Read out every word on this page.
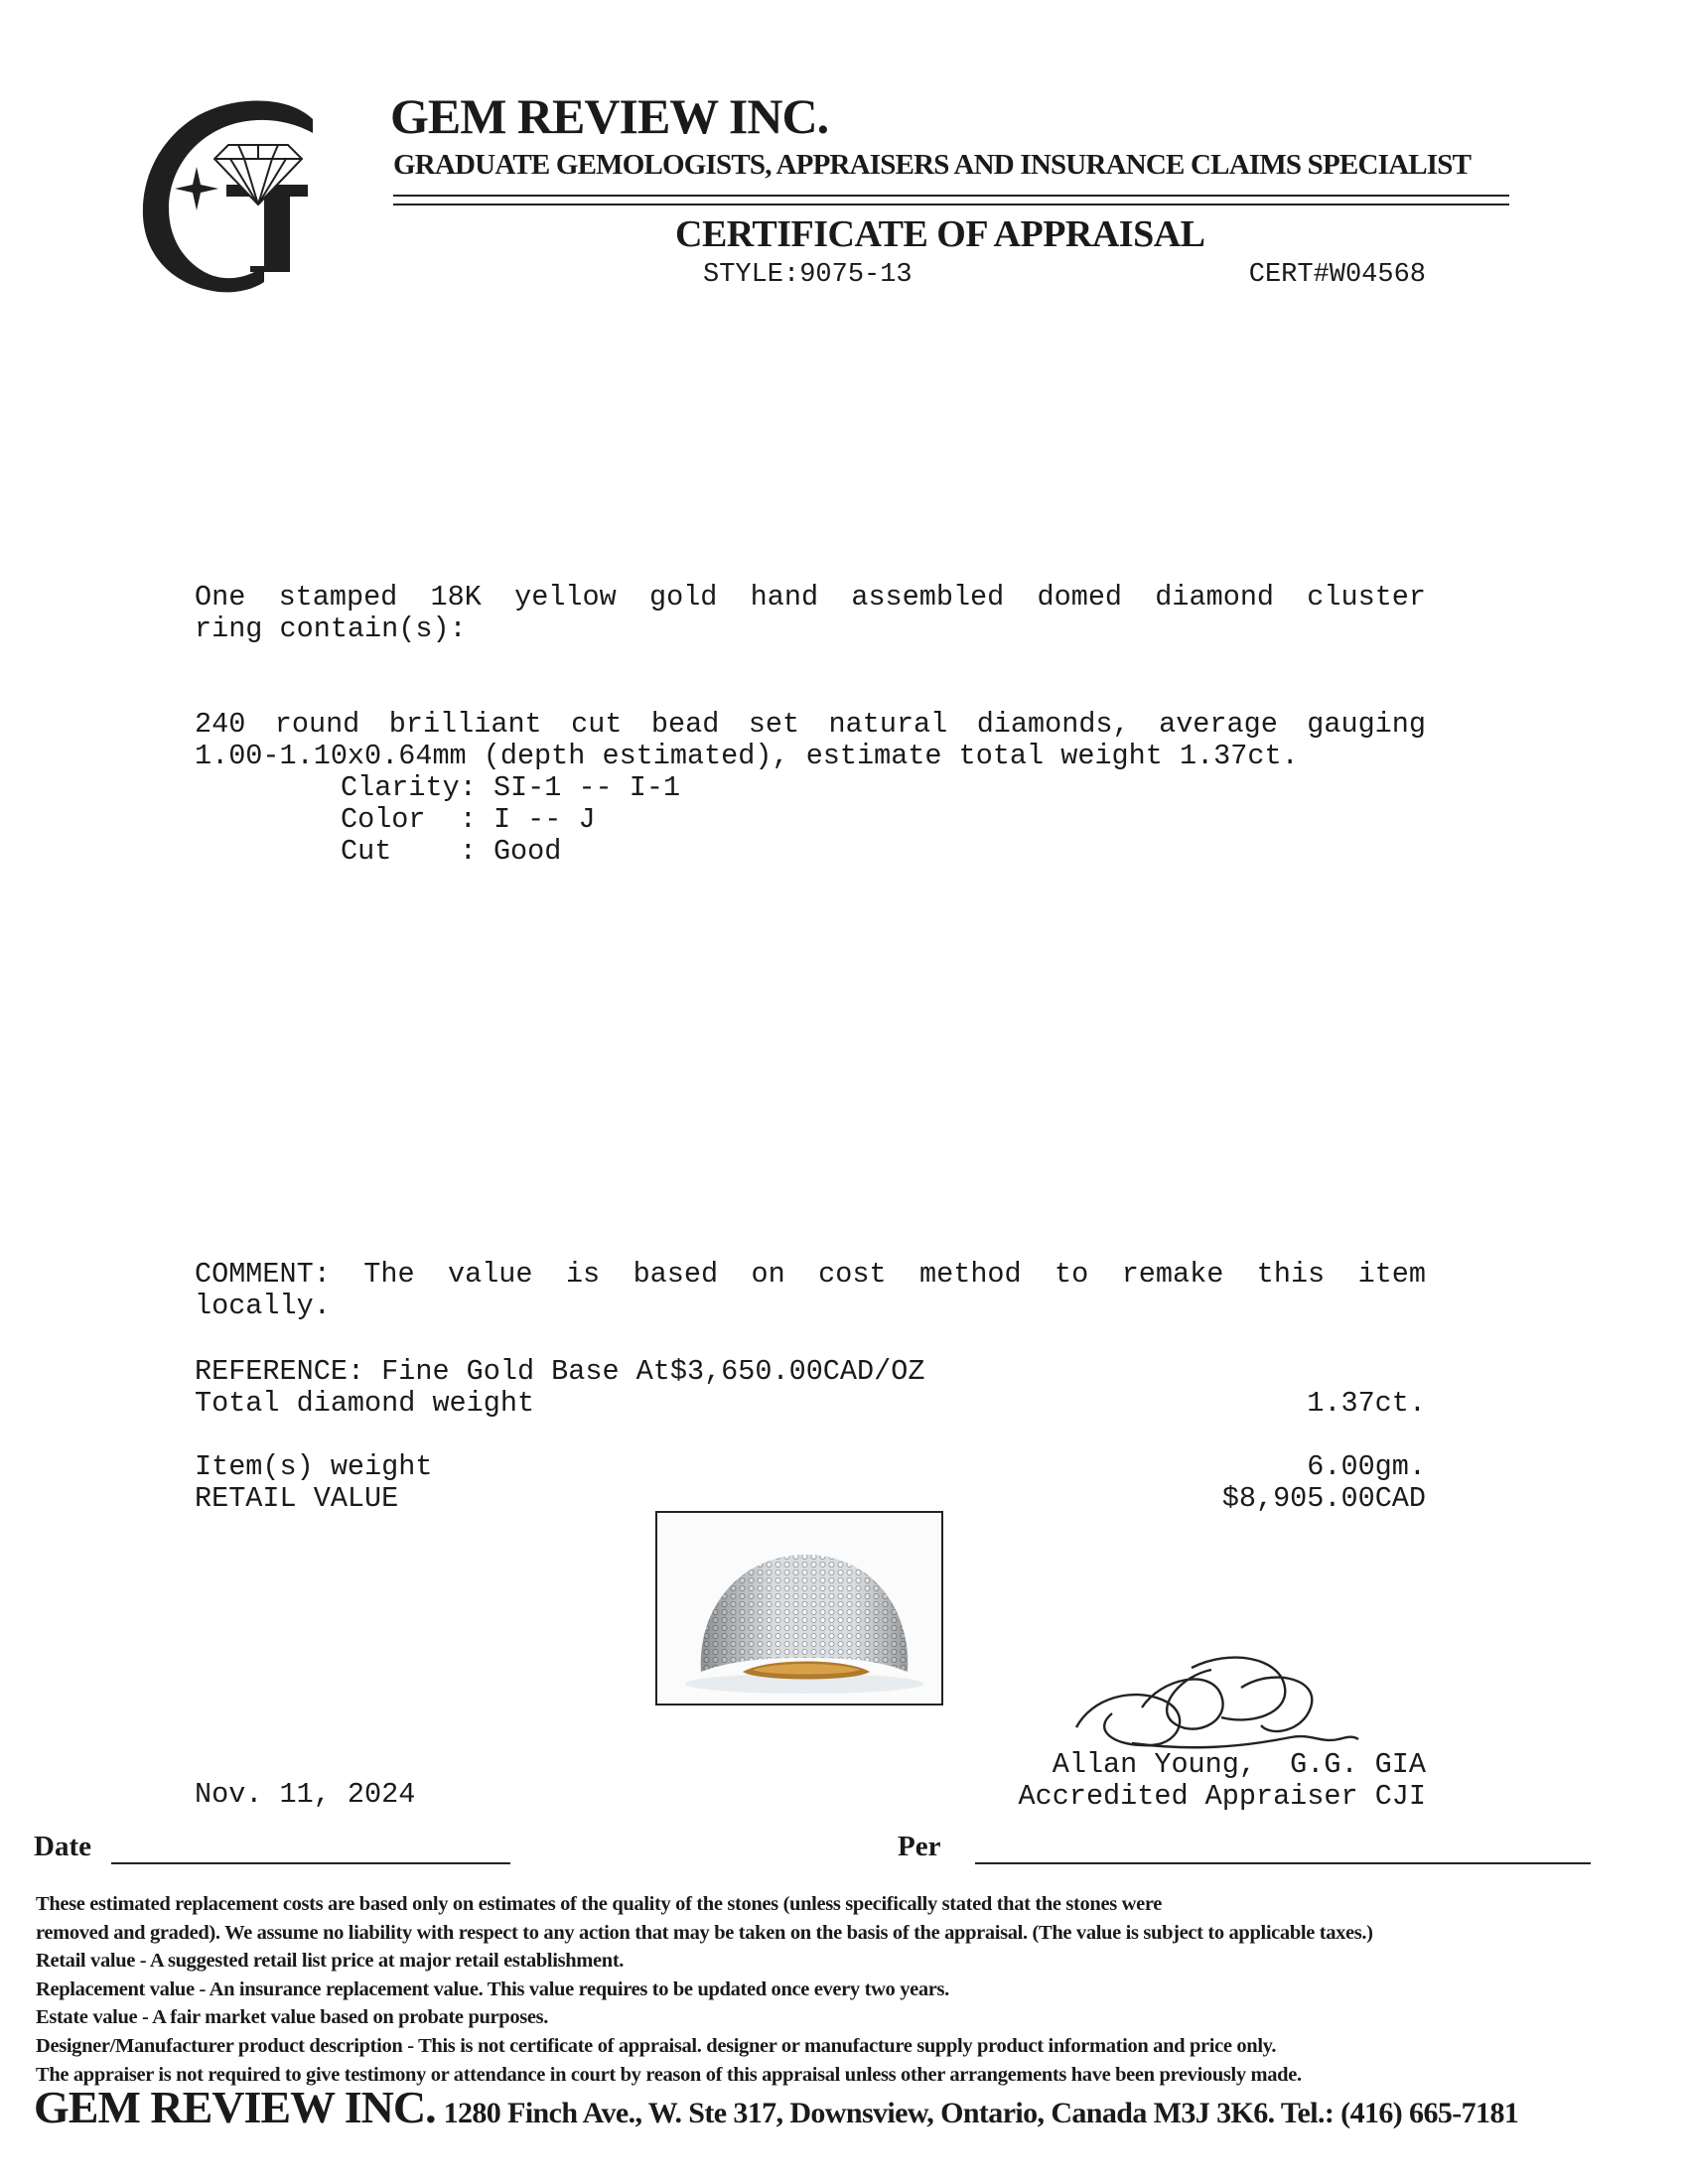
GEM REVIEW INC.
GRADUATE GEMOLOGISTS, APPRAISERS AND INSURANCE CLAIMS SPECIALIST
CERTIFICATE OF APPRAISAL
STYLE:9075-13	CERT#W04568
One stamped 18K yellow gold hand assembled domed diamond cluster
ring contain(s):
240 round brilliant cut bead set natural diamonds, average gauging
1.00-1.10x0.64mm (depth estimated), estimate total weight 1.37ct.
Clarity: SI-1 -- I-1
Color  : I -- J
Cut    : Good
COMMENT: The value is based on cost method to remake this item
locally.
REFERENCE: Fine Gold Base At$3,650.00CAD/OZ
Total diamond weight	1.37ct.
Item(s) weight	6.00gm.
RETAIL VALUE	$8,905.00CAD
Nov. 11, 2024
Allan Young,  G.G. GIA
Accredited Appraiser CJI
Date	Per
These estimated replacement costs are based only on estimates of the quality of the stones (unless specifically stated that the stones were
removed and graded). We assume no liability with respect to any action that may be taken on the basis of the appraisal. (The value is subject to applicable taxes.)
Retail value - A suggested retail list price at major retail establishment.
Replacement value - An insurance replacement value. This value requires to be updated once every two years.
Estate value - A fair market value based on probate purposes.
Designer/Manufacturer product description - This is not certificate of appraisal. designer or manufacture supply product information and price only.
The appraiser is not required to give testimony or attendance in court by reason of this appraisal unless other arrangements have been previously made.
GEM REVIEW INC. 1280 Finch Ave., W. Ste 317, Downsview, Ontario, Canada M3J 3K6. Tel.: (416) 665-7181
